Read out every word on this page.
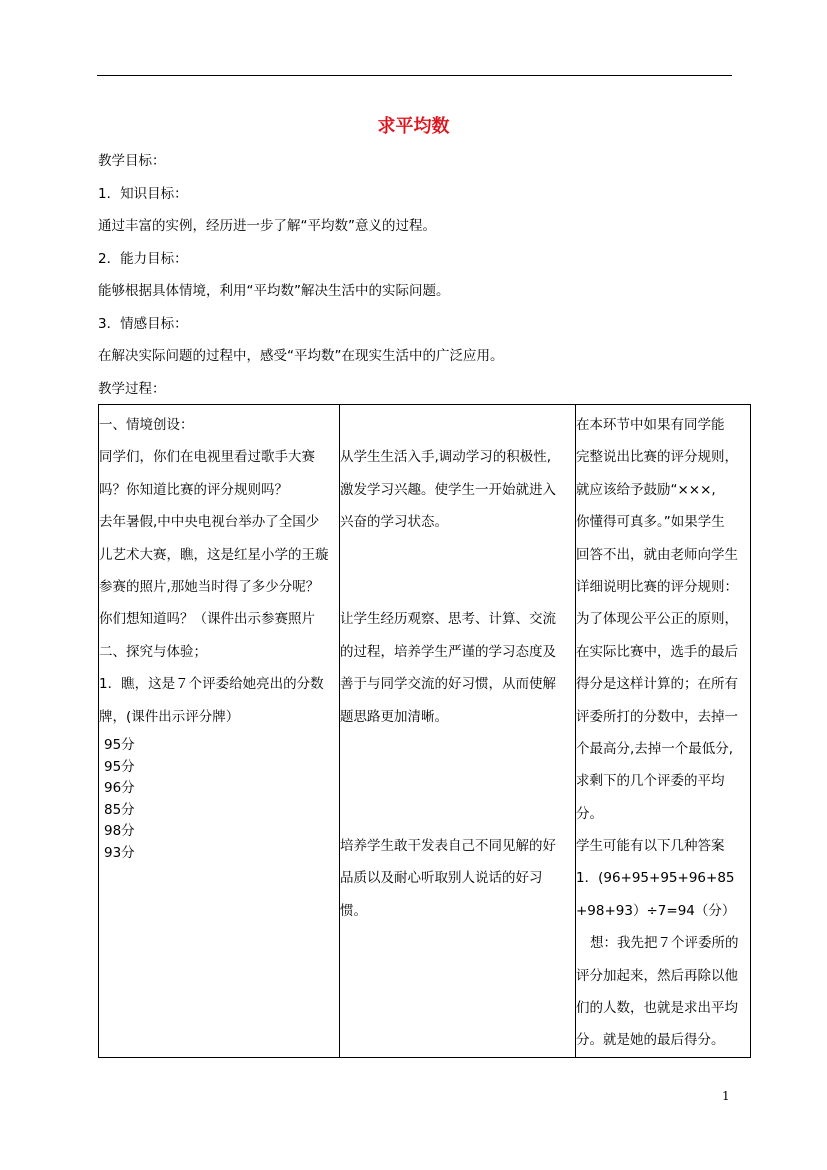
求平均数
教学目标：
1．知识目标：
通过丰富的实例，经历进一步了解“平均数”意义的过程。
2．能力目标：
能够根据具体情境，利用“平均数”解决生活中的实际问题。
3．情感目标：
在解决实际问题的过程中，感受“平均数”在现实生活中的广泛应用。
教学过程：
一、情境创设：
同学们，你们在电视里看过歌手大赛
吗？你知道比赛的评分规则吗？
去年暑假,中中央电视台举办了全国少
儿艺术大赛，瞧，这是红星小学的王璇
参赛的照片,那她当时得了多少分呢？
你们想知道吗？（课件出示参赛照片
二、探究与体验；
1．瞧，这是７个评委给她亮出的分数
牌，(课件出示评分牌）
95分
95分
96分
85分
98分
93分

从学生生活入手,调动学习的积极性,
激发学习兴趣。使学生一开始就进入
兴奋的学习状态。
让学生经历观察、思考、计算、交流
的过程，培养学生严谨的学习态度及
善于与同学交流的好习惯，从而使解
题思路更加清晰。
培养学生敢干发表自己不同见解的好
品质以及耐心听取别人说话的好习
惯。

在本环节中如果有同学能
完整说出比赛的评分规则，
就应该给予鼓励“×××,
你懂得可真多。”如果学生
回答不出，就由老师向学生
详细说明比赛的评分规则：
为了体现公平公正的原则，
在实际比赛中，选手的最后
得分是这样计算的；在所有
评委所打的分数中，去掉一
个最高分,去掉一个最低分,
求剩下的几个评委的平均
分。
学生可能有以下几种答案
1．(96+95+95+96+85
+98+93）÷7=94（分）
想：我先把７个评委所的
评分加起来，然后再除以他
们的人数，也就是求出平均
分。就是她的最后得分。
1
